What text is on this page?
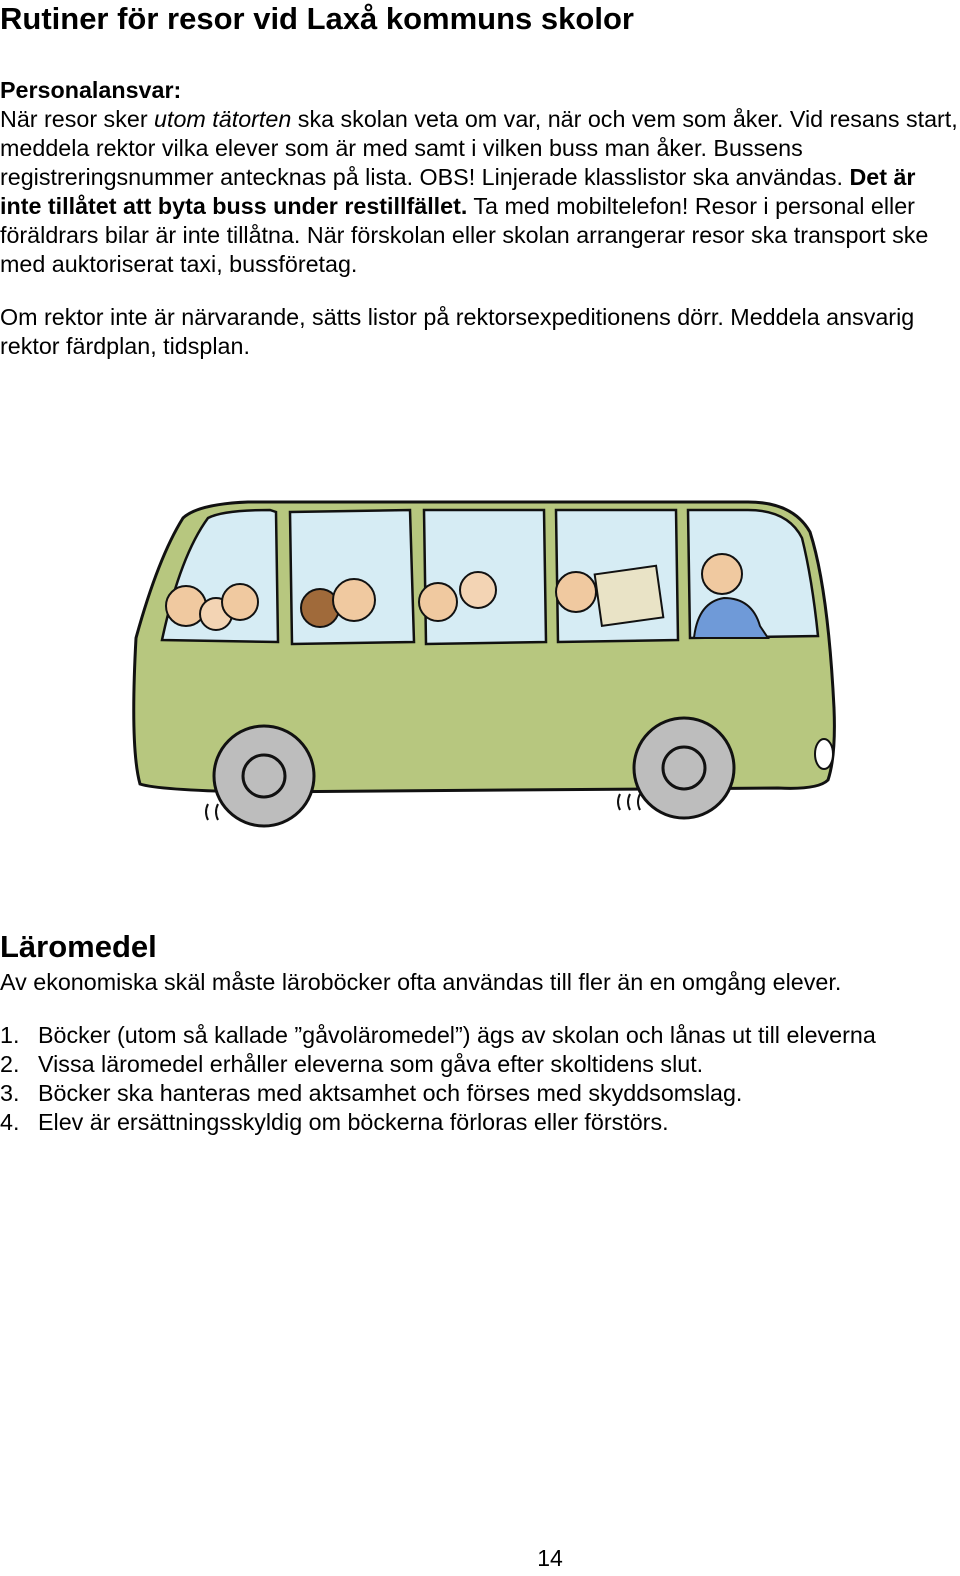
Rutiner för resor vid Laxå kommuns skolor

Personalansvar:
När resor sker utom tätorten ska skolan veta om var, när och vem som åker. Vid resans start, meddela rektor vilka elever som är med samt i vilken buss man åker. Bussens registreringsnummer antecknas på lista. OBS! Linjerade klasslistor ska användas. Det är inte tillåtet att byta buss under restillfället. Ta med mobiltelefon! Resor i personal eller föräldrars bilar är inte tillåtna. När förskolan eller skolan arrangerar resor ska transport ske med auktoriserat taxi, bussföretag.

Om rektor inte är närvarande, sätts listor på rektorsexpeditionens dörr. Meddela ansvarig rektor färdplan, tidsplan.

Läromedel

Av ekonomiska skäl måste läroböcker ofta användas till fler än en omgång elever.

1. Böcker (utom så kallade ”gåvoläromedel”) ägs av skolan och lånas ut till eleverna
2. Vissa läromedel erhåller eleverna som gåva efter skoltidens slut.
3. Böcker ska hanteras med aktsamhet och förses med skyddsomslag.
4. Elev är ersättningsskyldig om böckerna förloras eller förstörs.
14
